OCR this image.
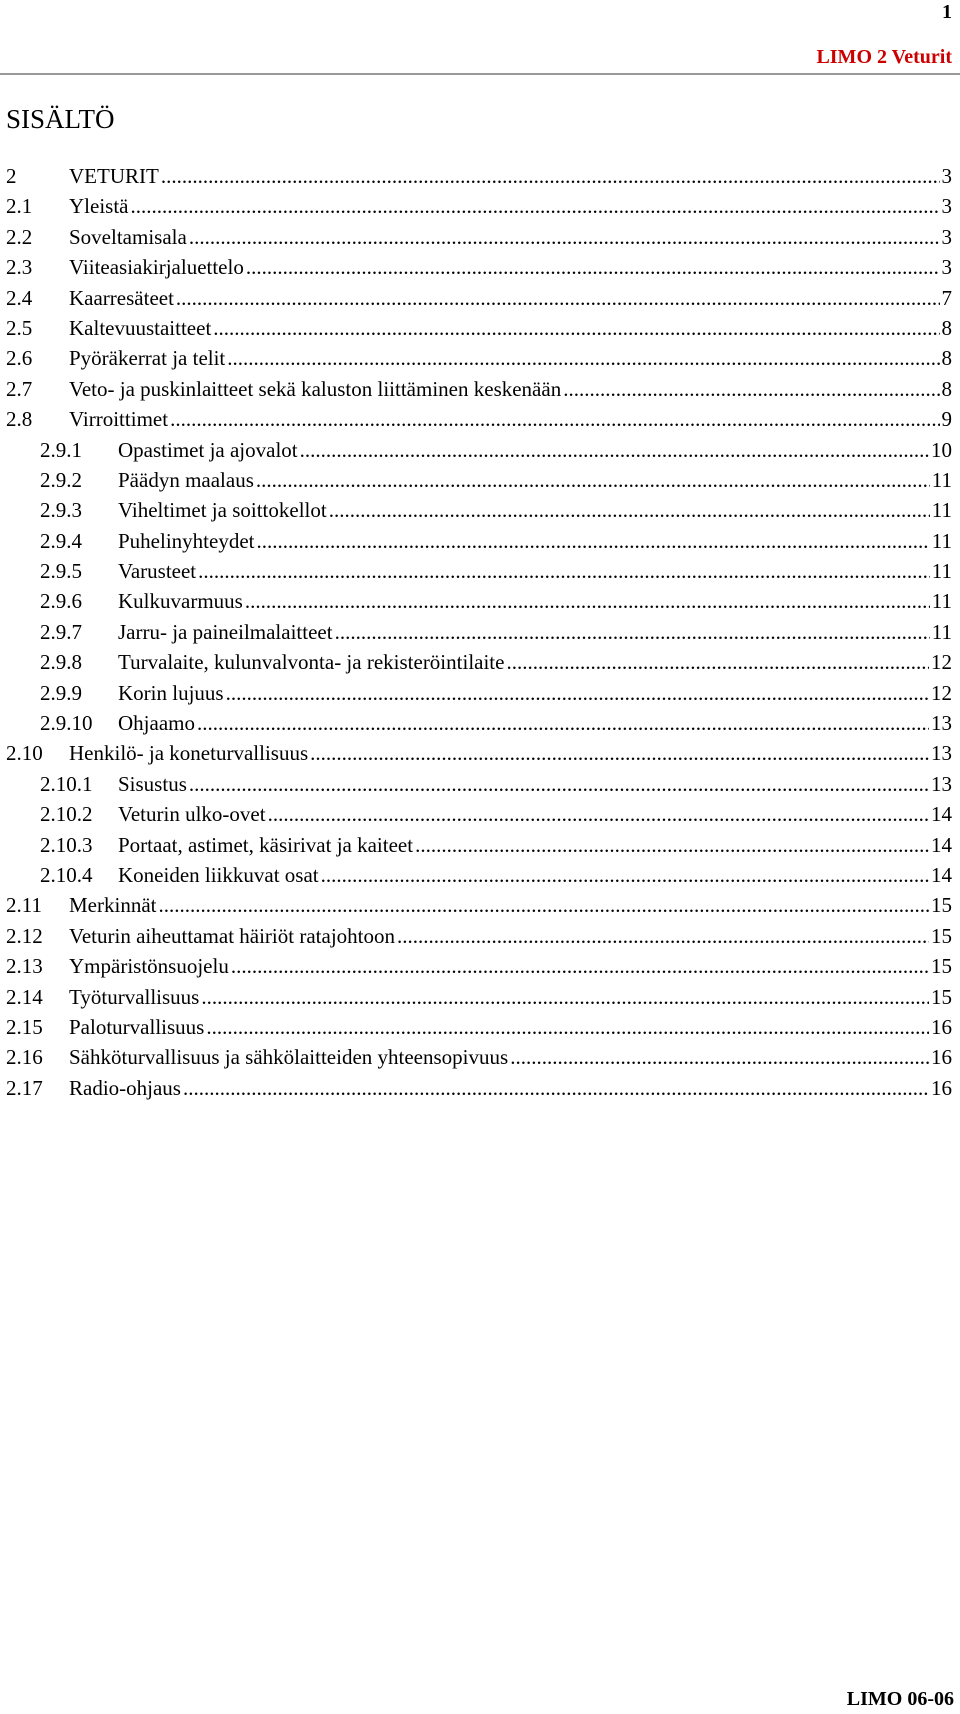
1
LIMO 2 Veturit
SISÄLTÖ
2	VETURIT .....	3
2.1	Yleistä .....	3
2.2	Soveltamisala .....	3
2.3	Viiteasiakirjaluettelo .....	3
2.4	Kaarresäteet .....	7
2.5	Kaltevuustaitteet .....	8
2.6	Pyöräkerrat ja telit .....	8
2.7	Veto- ja puskinlaitteet sekä kaluston liittäminen keskenään .....	8
2.8	Virroittimet .....	9
2.9.1	Opastimet ja ajovalot .....	10
2.9.2	Päädyn maalaus .....	11
2.9.3	Viheltimet ja soittokellot .....	11
2.9.4	Puhelinyhteydet .....	11
2.9.5	Varusteet .....	11
2.9.6	Kulkuvarmuus .....	11
2.9.7	Jarru- ja paineilmalaitteet .....	11
2.9.8	Turvalaite, kulunvalvonta- ja rekisteröintilaite .....	12
2.9.9	Korin lujuus .....	12
2.9.10	Ohjaamo .....	13
2.10	Henkilö- ja koneturvallisuus .....	13
2.10.1	Sisustus .....	13
2.10.2	Veturin ulko-ovet .....	14
2.10.3	Portaat, astimet, käsirivat ja kaiteet .....	14
2.10.4	Koneiden liikkuvat osat .....	14
2.11	Merkinnät .....	15
2.12	Veturin aiheuttamat häiriöt ratajohtoon .....	15
2.13	Ympäristönsuojelu .....	15
2.14	Työturvallisuus .....	15
2.15	Paloturvallisuus .....	16
2.16	Sähköturvallisuus ja sähkölaitteiden yhteensopivuus .....	16
2.17	Radio-ohjaus .....	16
LIMO 06-06
